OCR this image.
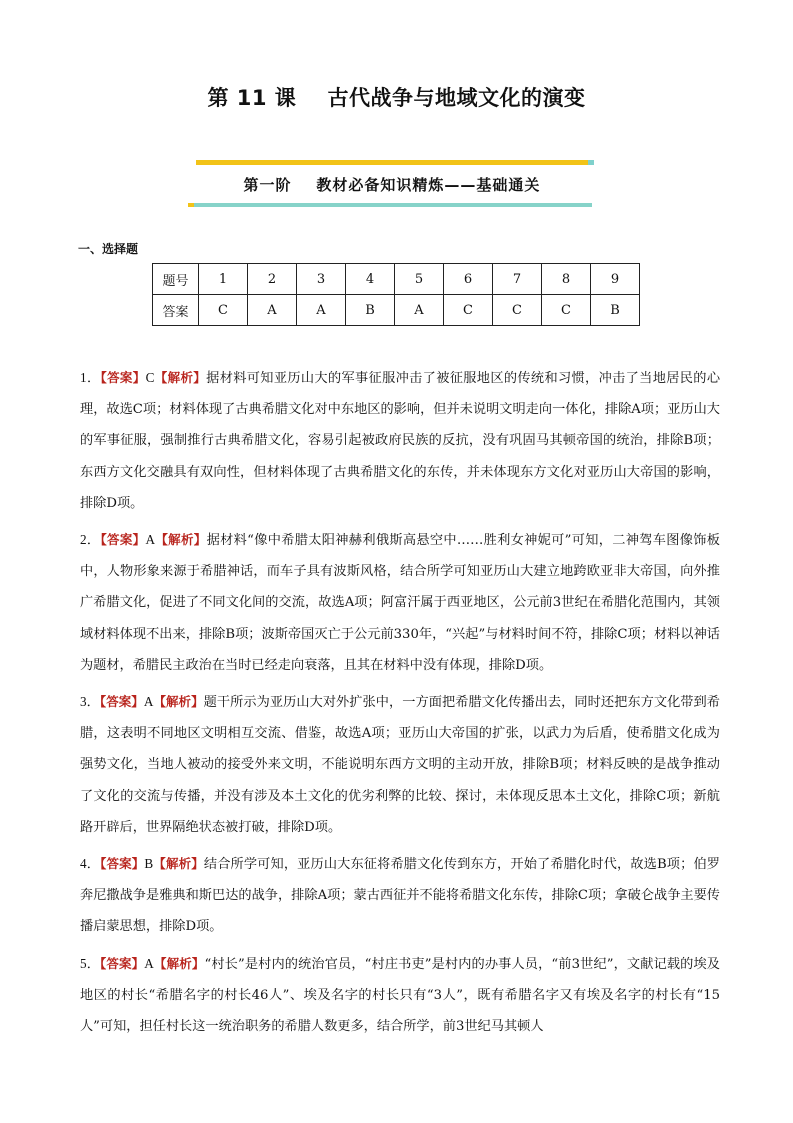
第 11 课    古代战争与地域文化的演变
第一阶    教材必备知识精炼——基础通关
一、选择题
题号	1	2	3	4	5	6	7	8	9
答案	C	A	A	B	A	C	C	C	B

1．【答案】C【解析】据材料可知亚历山大的军事征服冲击了被征服地区的传统和习惯，冲击了当地居民的心理，故选C项；材料体现了古典希腊文化对中东地区的影响，但并未说明文明走向一体化，排除A项；亚历山大的军事征服，强制推行古典希腊文化，容易引起被政府民族的反抗，没有巩固马其顿帝国的统治，排除B项；东西方文化交融具有双向性，但材料体现了古典希腊文化的东传，并未体现东方文化对亚历山大帝国的影响，排除D项。

2．【答案】A【解析】据材料“像中希腊太阳神赫利俄斯高悬空中……胜利女神妮可”可知，二神驾车图像饰板中，人物形象来源于希腊神话，而车子具有波斯风格，结合所学可知亚历山大建立地跨欧亚非大帝国，向外推广希腊文化，促进了不同文化间的交流，故选A项；阿富汗属于西亚地区，公元前3世纪在希腊化范围内，其领域材料体现不出来，排除B项；波斯帝国灭亡于公元前330年，“兴起”与材料时间不符，排除C项；材料以神话为题材，希腊民主政治在当时已经走向衰落，且其在材料中没有体现，排除D项。

3．【答案】A【解析】题干所示为亚历山大对外扩张中，一方面把希腊文化传播出去，同时还把东方文化带到希腊，这表明不同地区文明相互交流、借鉴，故选A项；亚历山大帝国的扩张，以武力为后盾，使希腊文化成为强势文化，当地人被动的接受外来文明，不能说明东西方文明的主动开放，排除B项；材料反映的是战争推动了文化的交流与传播，并没有涉及本土文化的优劣利弊的比较、探讨，未体现反思本土文化，排除C项；新航路开辟后，世界隔绝状态被打破，排除D项。

4．【答案】B【解析】结合所学可知，亚历山大东征将希腊文化传到东方，开始了希腊化时代，故选B项；伯罗奔尼撒战争是雅典和斯巴达的战争，排除A项；蒙古西征并不能将希腊文化东传，排除C项；拿破仑战争主要传播启蒙思想，排除D项。

5．【答案】A【解析】“村长”是村内的统治官员，“村庄书吏”是村内的办事人员，“前3世纪”，文献记载的埃及地区的村长“希腊名字的村长46人”、埃及名字的村长只有“3人”，既有希腊名字又有埃及名字的村长有“15人”可知，担任村长这一统治职务的希腊人数更多，结合所学，前3世纪马其顿人
